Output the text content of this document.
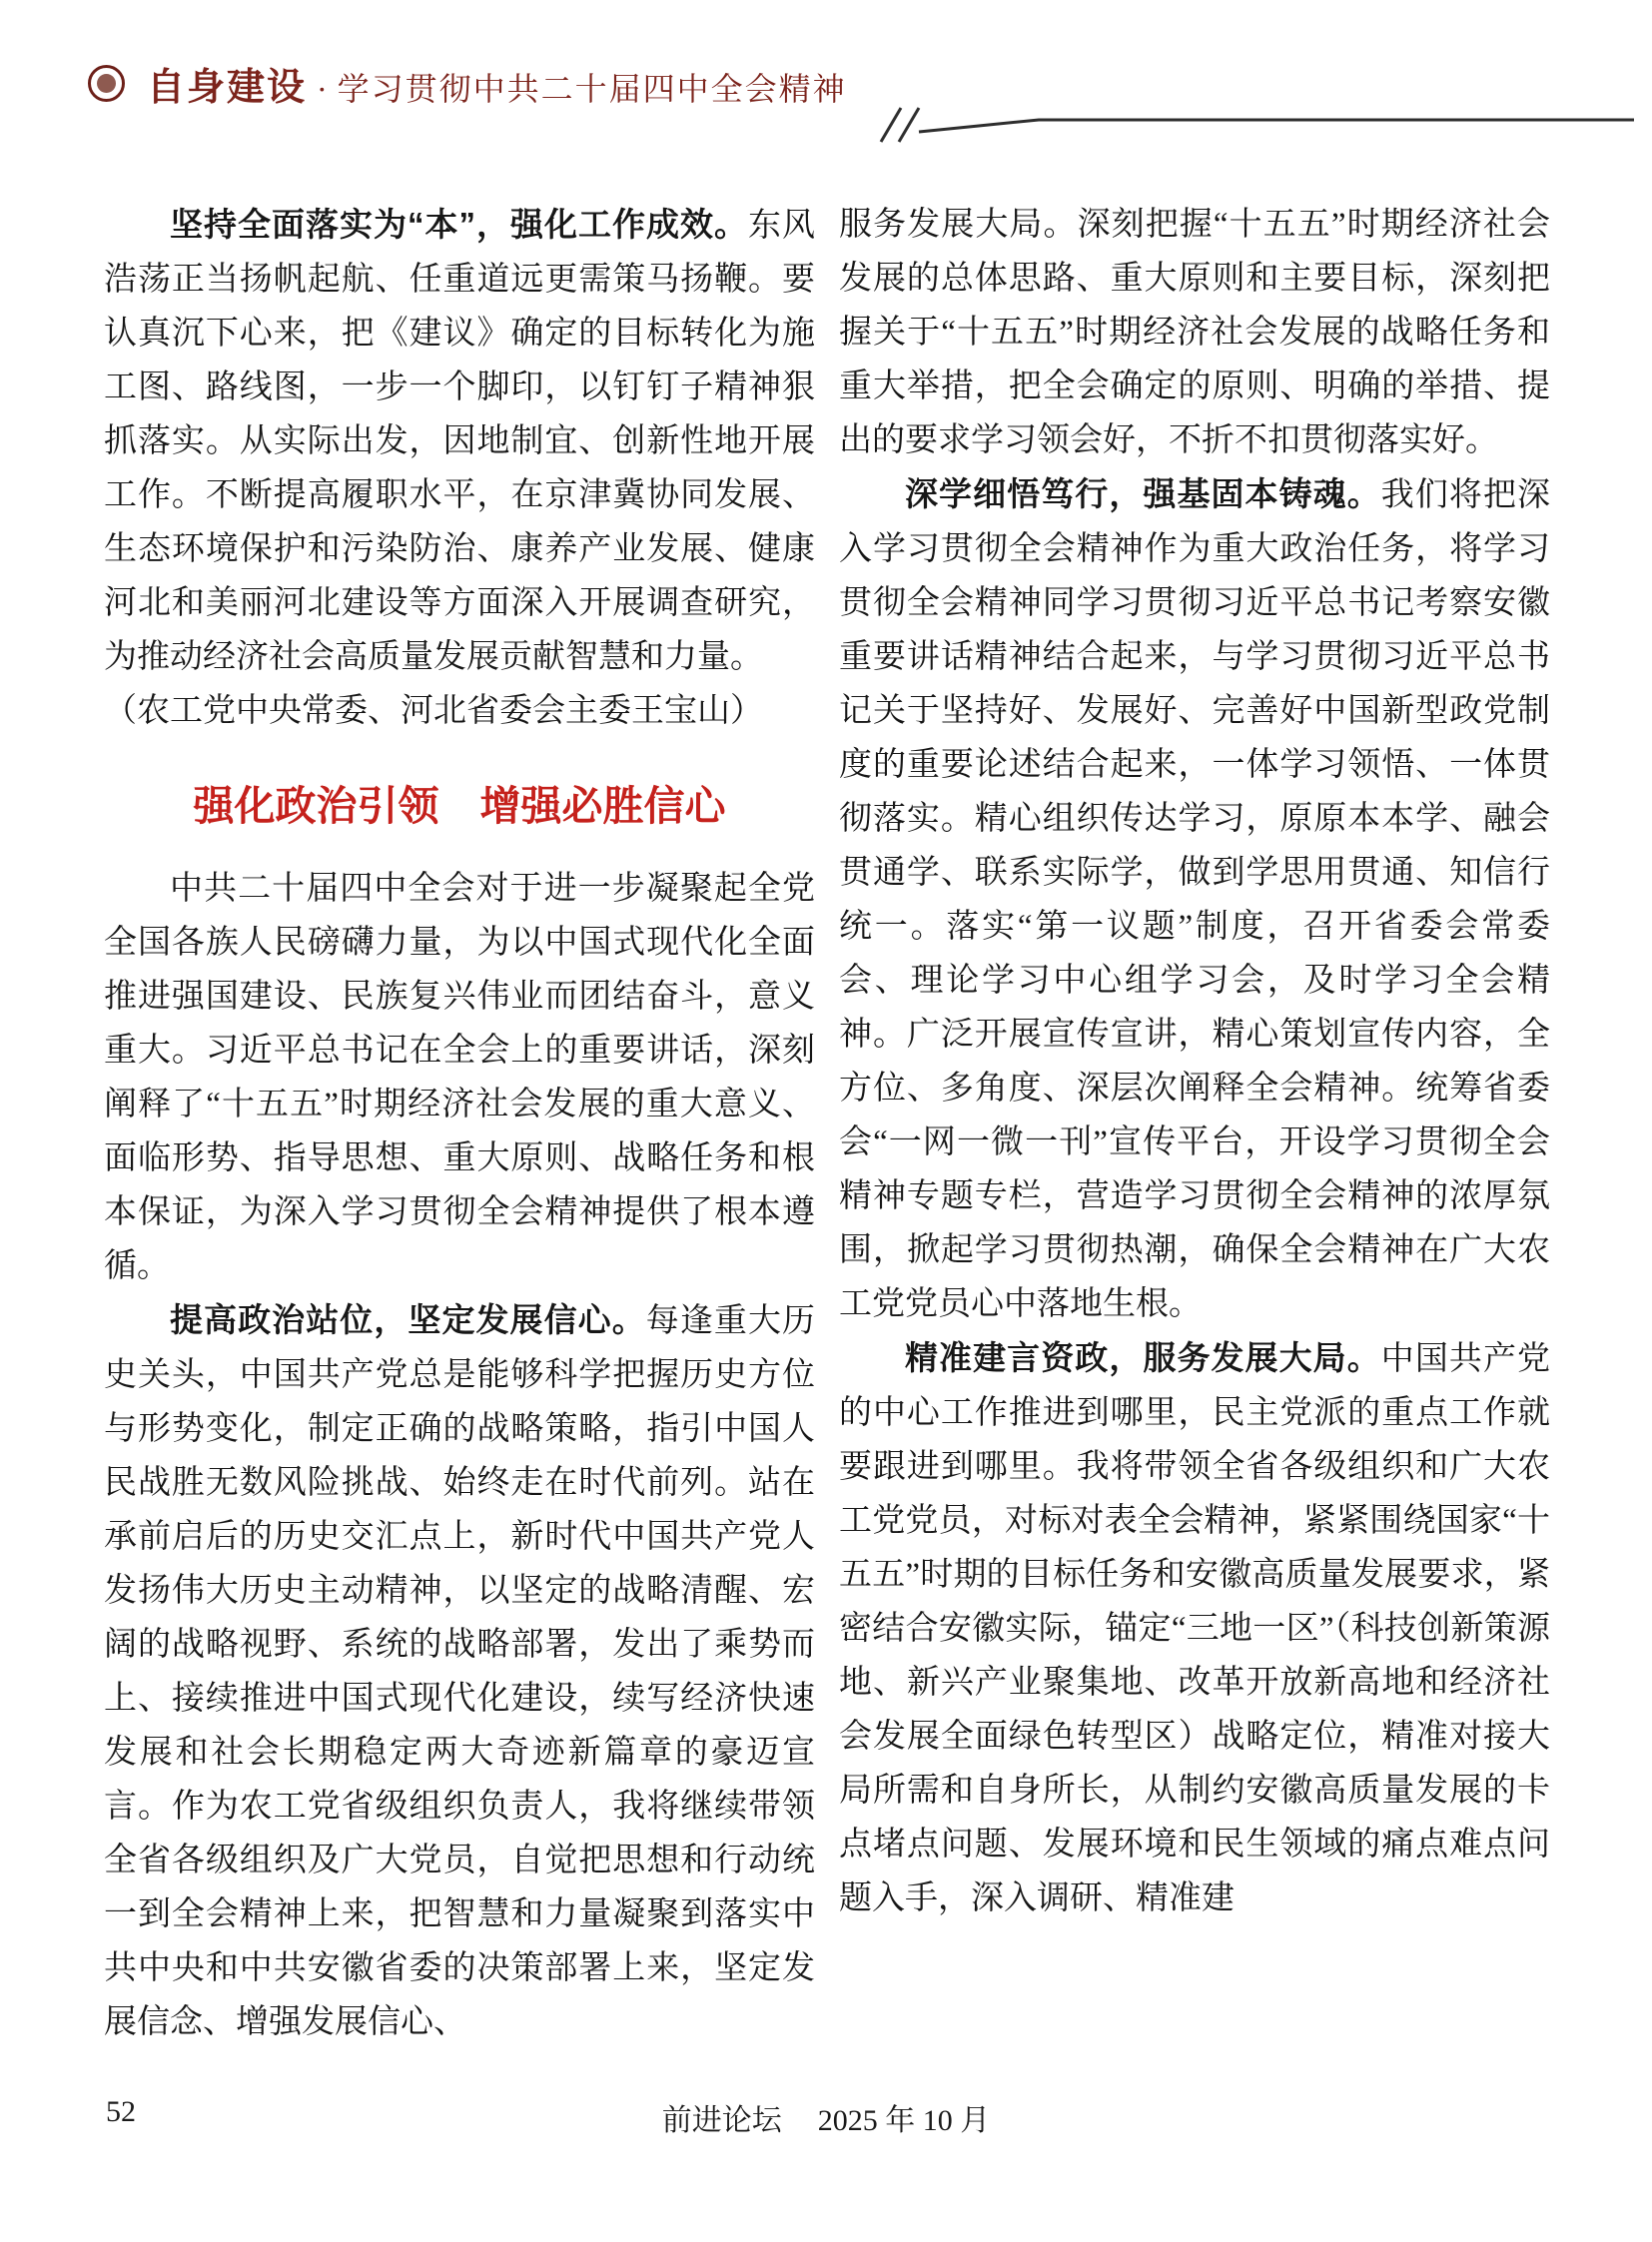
自身建设 · 学习贯彻中共二十届四中全会精神

坚持全面落实为“本”，强化工作成效。东风浩荡正当扬帆起航、任重道远更需策马扬鞭。要认真沉下心来，把《建议》确定的目标转化为施工图、路线图，一步一个脚印，以钉钉子精神狠抓落实。从实际出发，因地制宜、创新性地开展工作。不断提高履职水平，在京津冀协同发展、生态环境保护和污染防治、康养产业发展、健康河北和美丽河北建设等方面深入开展调查研究，为推动经济社会高质量发展贡献智慧和力量。

（农工党中央常委、河北省委会主委王宝山）

强化政治引领　增强必胜信心

中共二十届四中全会对于进一步凝聚起全党全国各族人民磅礴力量，为以中国式现代化全面推进强国建设、民族复兴伟业而团结奋斗，意义重大。习近平总书记在全会上的重要讲话，深刻阐释了“十五五”时期经济社会发展的重大意义、面临形势、指导思想、重大原则、战略任务和根本保证，为深入学习贯彻全会精神提供了根本遵循。

提高政治站位，坚定发展信心。每逢重大历史关头，中国共产党总是能够科学把握历史方位与形势变化，制定正确的战略策略，指引中国人民战胜无数风险挑战、始终走在时代前列。站在承前启后的历史交汇点上，新时代中国共产党人发扬伟大历史主动精神，以坚定的战略清醒、宏阔的战略视野、系统的战略部署，发出了乘势而上、接续推进中国式现代化建设，续写经济快速发展和社会长期稳定两大奇迹新篇章的豪迈宣言。作为农工党省级组织负责人，我将继续带领全省各级组织及广大党员，自觉把思想和行动统一到全会精神上来，把智慧和力量凝聚到落实中共中央和中共安徽省委的决策部署上来，坚定发展信念、增强发展信心、

服务发展大局。深刻把握“十五五”时期经济社会发展的总体思路、重大原则和主要目标，深刻把握关于“十五五”时期经济社会发展的战略任务和重大举措，把全会确定的原则、明确的举措、提出的要求学习领会好，不折不扣贯彻落实好。

深学细悟笃行，强基固本铸魂。我们将把深入学习贯彻全会精神作为重大政治任务，将学习贯彻全会精神同学习贯彻习近平总书记考察安徽重要讲话精神结合起来，与学习贯彻习近平总书记关于坚持好、发展好、完善好中国新型政党制度的重要论述结合起来，一体学习领悟、一体贯彻落实。精心组织传达学习，原原本本学、融会贯通学、联系实际学，做到学思用贯通、知信行统一。落实“第一议题”制度，召开省委会常委会、理论学习中心组学习会，及时学习全会精神。广泛开展宣传宣讲，精心策划宣传内容，全方位、多角度、深层次阐释全会精神。统筹省委会“一网一微一刊”宣传平台，开设学习贯彻全会精神专题专栏，营造学习贯彻全会精神的浓厚氛围，掀起学习贯彻热潮，确保全会精神在广大农工党党员心中落地生根。

精准建言资政，服务发展大局。中国共产党的中心工作推进到哪里，民主党派的重点工作就要跟进到哪里。我将带领全省各级组织和广大农工党党员，对标对表全会精神，紧紧围绕国家“十五五”时期的目标任务和安徽高质量发展要求，紧密结合安徽实际，锚定“三地一区”（科技创新策源地、新兴产业聚集地、改革开放新高地和经济社会发展全面绿色转型区）战略定位，精准对接大局所需和自身所长，从制约安徽高质量发展的卡点堵点问题、发展环境和民生领域的痛点难点问题入手，深入调研、精准建

52	前进论坛 2025 年 10 月
